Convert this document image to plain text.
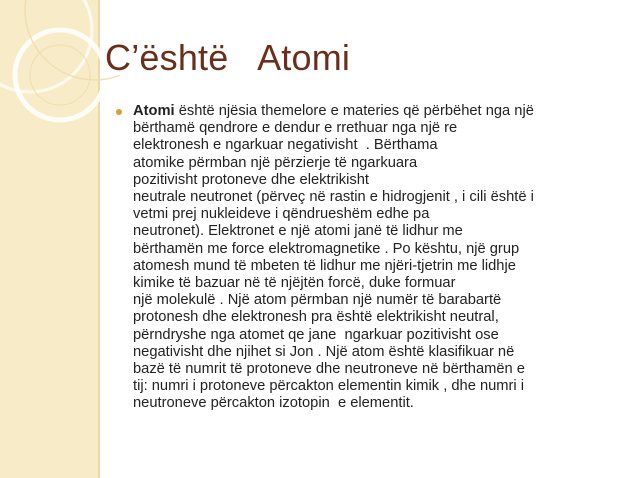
C’është   Atomi
Atomi është njësia themelore e materies që përbëhet nga një
bërthamë qendrore e dendur e rrethuar nga një re
elektronesh e ngarkuar negativisht  . Bërthama
atomike përmban një përzierje të ngarkuara
pozitivisht protoneve dhe elektrikisht
neutrale neutronet (përveç në rastin e hidrogjenit , i cili është i
vetmi prej nukleideve i qëndrueshëm edhe pa
neutronet). Elektronet e një atomi janë të lidhur me
bërthamën me force elektromagnetike . Po kështu, një grup
atomesh mund të mbeten të lidhur me njëri-tjetrin me lidhje
kimike të bazuar në të njëjtën forcë, duke formuar
një molekulë . Një atom përmban një numër të barabartë
protonesh dhe elektronesh pra është elektrikisht neutral,
përndryshe nga atomet qe jane  ngarkuar pozitivisht ose
negativisht dhe njihet si Jon . Një atom është klasifikuar në
bazë të numrit të protoneve dhe neutroneve në bërthamën e
tij: numri i protoneve përcakton elementin kimik , dhe numri i
neutroneve përcakton izotopin  e elementit.
